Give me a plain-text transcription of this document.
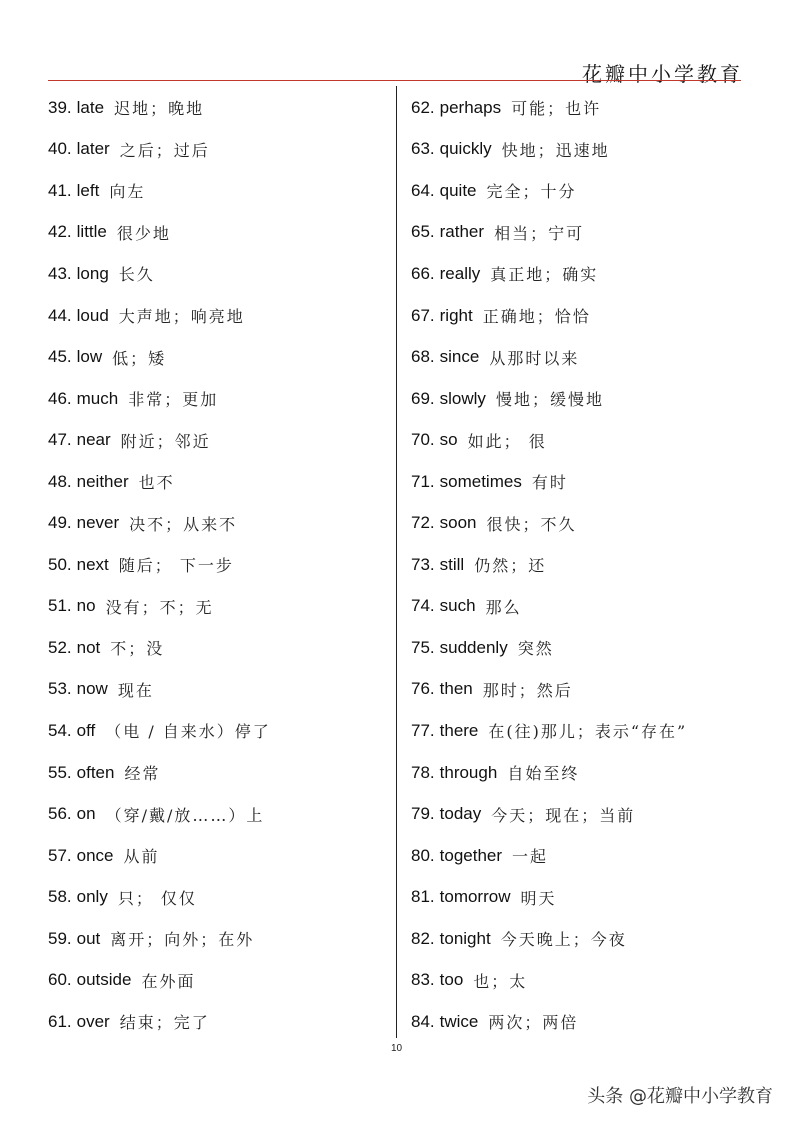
花瓣中小学教育
39. late 迟地；晚地
40. later 之后；过后
41. left 向左
42. little 很少地
43. long 长久
44. loud 大声地；响亮地
45. low 低；矮
46. much 非常；更加
47. near 附近；邻近
48. neither 也不
49. never 决不；从来不
50. next 随后； 下一步
51. no 没有；不；无
52. not 不；没
53. now 现在
54. off （电 / 自来水）停了
55. often 经常
56. on （穿/戴/放……）上
57. once 从前
58. only 只； 仅仅
59. out 离开；向外；在外
60. outside 在外面
61. over 结束；完了
62. perhaps 可能；也许
63. quickly 快地；迅速地
64. quite 完全；十分
65. rather 相当；宁可
66. really 真正地；确实
67. right 正确地；恰恰
68. since 从那时以来
69. slowly 慢地；缓慢地
70. so 如此； 很
71. sometimes 有时
72. soon 很快；不久
73. still 仍然；还
74. such 那么
75. suddenly 突然
76. then 那时；然后
77. there 在(往)那儿；表示“存在”
78. through 自始至终
79. today 今天；现在；当前
80. together 一起
81. tomorrow 明天
82. tonight 今天晚上；今夜
83. too 也；太
84. twice 两次；两倍
10
头条 @花瓣中小学教育
